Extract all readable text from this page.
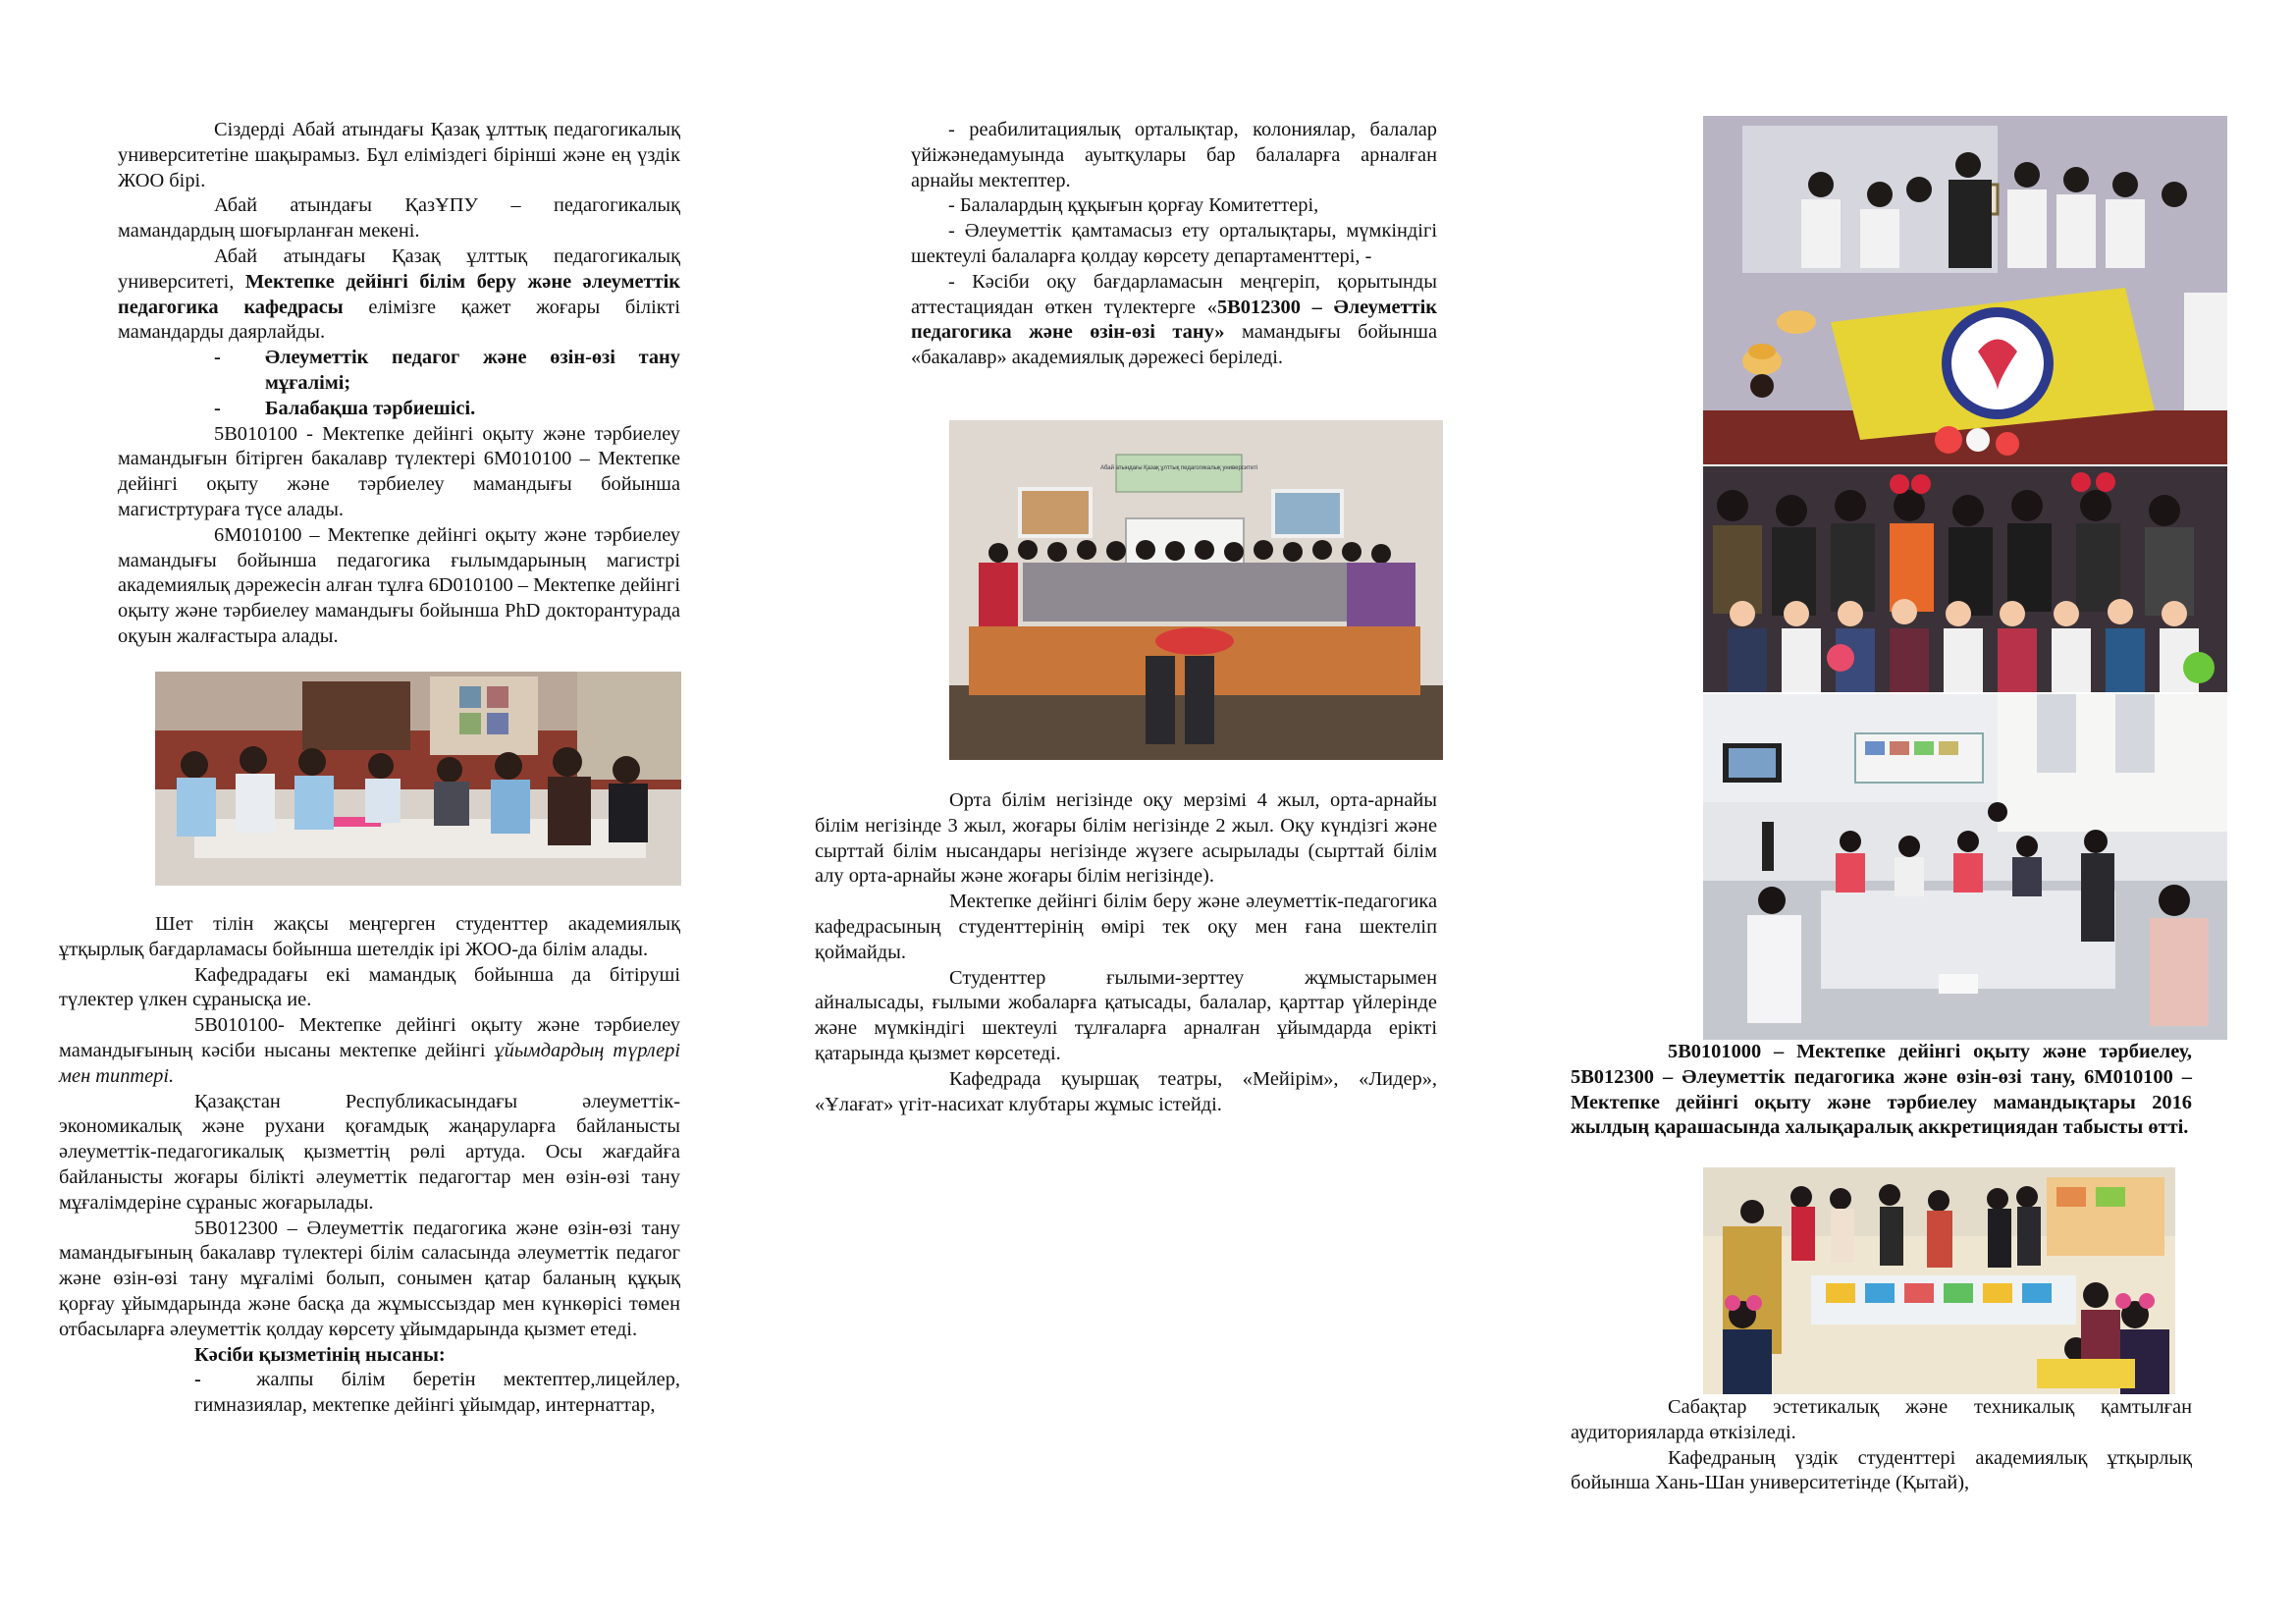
Сіздерді Абай атындағы Қазақ ұлттық педагогикалық университетіне шақырамыз. Бұл еліміздегі бірінші және ең үздік ЖОО бірі.

Абай атындағы ҚазҰПУ – педагогикалық мамандардың шоғырланған мекені.

Абай атындағы Қазақ ұлттық педагогикалық университеті, Мектепке дейінгі білім беру және әлеуметтік педагогика кафедрасы елімізге қажет жоғары білікті мамандарды даярлайды.

-	Әлеуметтік педагог және өзін-өзі тану мұғалімі;
-	Балабақша тәрбиешісі.

5В010100 - Мектепке дейінгі оқыту және тәрбиелеу мамандығын бітірген бакалавр түлектері 6М010100 – Мектепке дейінгі оқыту және тәрбиелеу мамандығы бойынша магистртураға түсе алады.

6М010100 – Мектепке дейінгі оқыту және тәрбиелеу мамандығы бойынша педагогика ғылымдарының магистрі академиялық дәрежесін алған тұлға 6D010100 – Мектепке дейінгі оқыту және тәрбиелеу мамандығы бойынша PhD докторантурада оқуын жалғастыра алады.

Шет тілін жақсы меңгерген студенттер академиялық ұтқырлық бағдарламасы бойынша шетелдік ірі ЖОО-да білім алады.

Кафедрадағы екі мамандық бойынша да бітіруші түлектер үлкен сұранысқа ие.

5В010100- Мектепке дейінгі оқыту және тәрбиелеу мамандығының кәсіби нысаны мектепке дейінгі ұйымдардың түрлері мен типтері.

Қазақстан Республикасындағы әлеуметтік-экономикалық және рухани қоғамдық жаңаруларға байланысты әлеуметтік-педагогикалық қызметтің рөлі артуда. Осы жағдайға байланысты жоғары білікті әлеуметтік педагогтар мен өзін-өзі тану мұғалімдеріне сұраныс жоғарылады.

5В012300 – Әлеуметтік педагогика және өзін-өзі тану мамандығының бакалавр түлектері білім саласында әлеуметтік педагог және өзін-өзі тану мұғалімі болып, сонымен қатар баланың құқық қорғау ұйымдарында және басқа да жұмыссыздар мен күнкөрісі төмен отбасыларға әлеуметтік қолдау көрсету ұйымдарында қызмет етеді.

Кәсіби қызметінің нысаны:

-	жалпы білім беретін мектептер,лицейлер, гимназиялар, мектепке дейінгі ұйымдар, интернаттар,

- реабилитациялық орталықтар, колониялар, балалар үйіжәнедамуында ауытқулары бар балаларға арналған арнайы мектептер.

- Балалардың құқығын қорғау Комитеттері,

- Әлеуметтік қамтамасыз ету орталықтары, мүмкіндігі шектеулі балаларға қолдау көрсету департаменттері, -

- Кәсіби оқу бағдарламасын меңгеріп, қорытынды аттестациядан өткен түлектерге «5В012300 – Әлеуметтік педагогика және өзін-өзі тану» мамандығы бойынша «бакалавр» академиялық дәрежесі беріледі.

Абай атындағы Қазақ ұлттық педагогикалық университеті

Орта білім негізінде оқу мерзімі 4 жыл, орта-арнайы білім негізінде 3 жыл, жоғары білім негізінде 2 жыл. Оқу күндізгі және сырттай білім нысандары негізінде жүзеге асырылады (сырттай білім алу орта-арнайы және жоғары білім негізінде).

Мектепке дейінгі білім беру және әлеуметтік-педагогика кафедрасының студенттерінің өмірі тек оқу мен ғана шектеліп қоймайды.

Студенттер ғылыми-зерттеу жұмыстарымен айналысады, ғылыми жобаларға қатысады, балалар, қарттар үйлерінде және мүмкіндігі шектеулі тұлғаларға арналған ұйымдарда ерікті қатарында қызмет көрсетеді.

Кафедрада қуыршақ театры, «Мейірім», «Лидер», «Ұлағат» үгіт-насихат клубтары жұмыс істейді.

5В0101000 – Мектепке дейінгі оқыту және тәрбиелеу, 5В012300 – Әлеуметтік педагогика және өзін-өзі тану, 6М010100 – Мектепке дейінгі оқыту және тәрбиелеу мамандықтары 2016 жылдың қарашасында халықаралық аккретициядан табысты өтті.

Сабақтар эстетикалық және техникалық қамтылған аудиторияларда өткізіледі.

Кафедраның үздік студенттері академиялық ұтқырлық бойынша Хань-Шан университетінде (Қытай),
